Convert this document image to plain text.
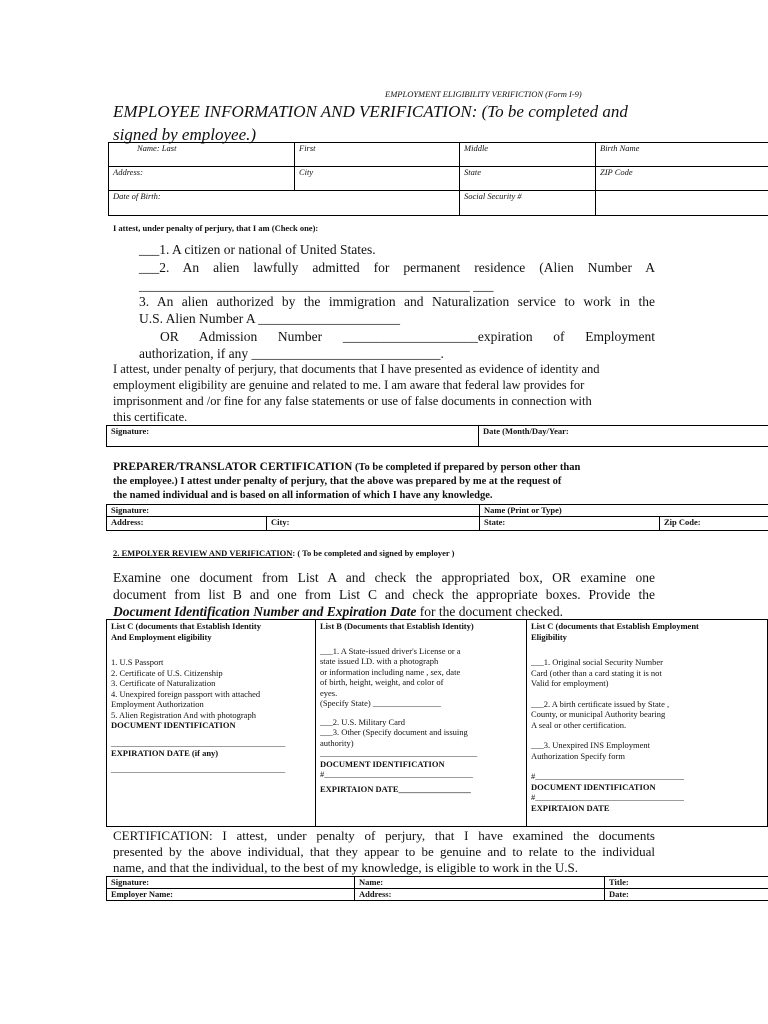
EMPLOYMENT ELIGIBILITY VERIFICTION (Form I-9)
EMPLOYEE INFORMATION AND VERIFICATION: (To be completed and
signed by employee.)
Name: Last	First	Middle	Birth Name
Address:	City	State	ZIP Code
Date of Birth:		Social Security #	
I attest, under penalty of perjury, that I am (Check one):
___1. A citizen or national of United States.
___2. An alien lawfully admitted for permanent residence (Alien Number A
_________________________________________________ ___
3. An alien authorized by the immigration and Naturalization service to work in the
U.S. Alien Number A _____________________
OR Admission Number ____________________expiration of Employment
authorization, if any ____________________________.
I attest, under penalty of perjury, that documents that I have presented as evidence of identity and
employment eligibility are genuine and related to me. I am aware that federal law provides for
imprisonment and /or fine for any false statements or use of false documents in connection with
this certificate.
Signature:	Date (Month/Day/Year:
PREPARER/TRANSLATOR CERTIFICATION (To be completed if prepared by person other than
the employee.) I attest under penalty of perjury, that the above was prepared by me at the request of
the named individual and is based on all information of which I have any knowledge.
Signature:		Name (Print or Type)	
Address:	City:	State:	Zip Code:
2. EMPOLYER REVIEW AND VERIFICATION: ( To be completed and signed by employer )
Examine one document from List A and check the appropriated box, OR examine one
document from list B and one from List C and check the appropriate boxes. Provide the
Document Identification Number and Expiration Date for the document checked.
List C (documents that Establish Identity
And Employment eligibility
1. U.S Passport
2. Certificate of U.S. Citizenship
3. Certificate of Naturalization
4. Unexpired foreign passport with attached
Employment Authorization
5. Alien Registration And with photograph
DOCUMENT IDENTIFICATION
_________________________________________
EXPIRATION DATE (if any)
_________________________________________
List B (Documents that Establish Identity)
___1. A State-issued driver's License or a
state issued I.D. with a photograph
or information including name , sex, date
of birth, height, weight, and color of
eyes.
(Specify State) ________________
___2. U.S. Military Card
___3. Other (Specify document and issuing
authority)
_____________________________________
DOCUMENT IDENTIFICATION
#___________________________________
EXPIRTAION DATE_________________
List C (documents that Establish Employment
Eligibility
___1. Original social Security Number
Card (other than a card stating it is not
Valid for employment)
___2. A birth certificate issued by State ,
County, or municipal Authority bearing
A seal or other certification.
___3. Unexpired INS Employment
Authorization Specify form
#___________________________________
DOCUMENT IDENTIFICATION
#___________________________________
EXPIRTAION DATE
CERTIFICATION: I attest, under penalty of perjury, that I have examined the documents
presented by the above individual, that they appear to be genuine and to relate to the individual
name, and that the individual, to the best of my knowledge, is eligible to work in the U.S.
Signature:	Name:	Title:
Employer Name:	Address:	Date:
